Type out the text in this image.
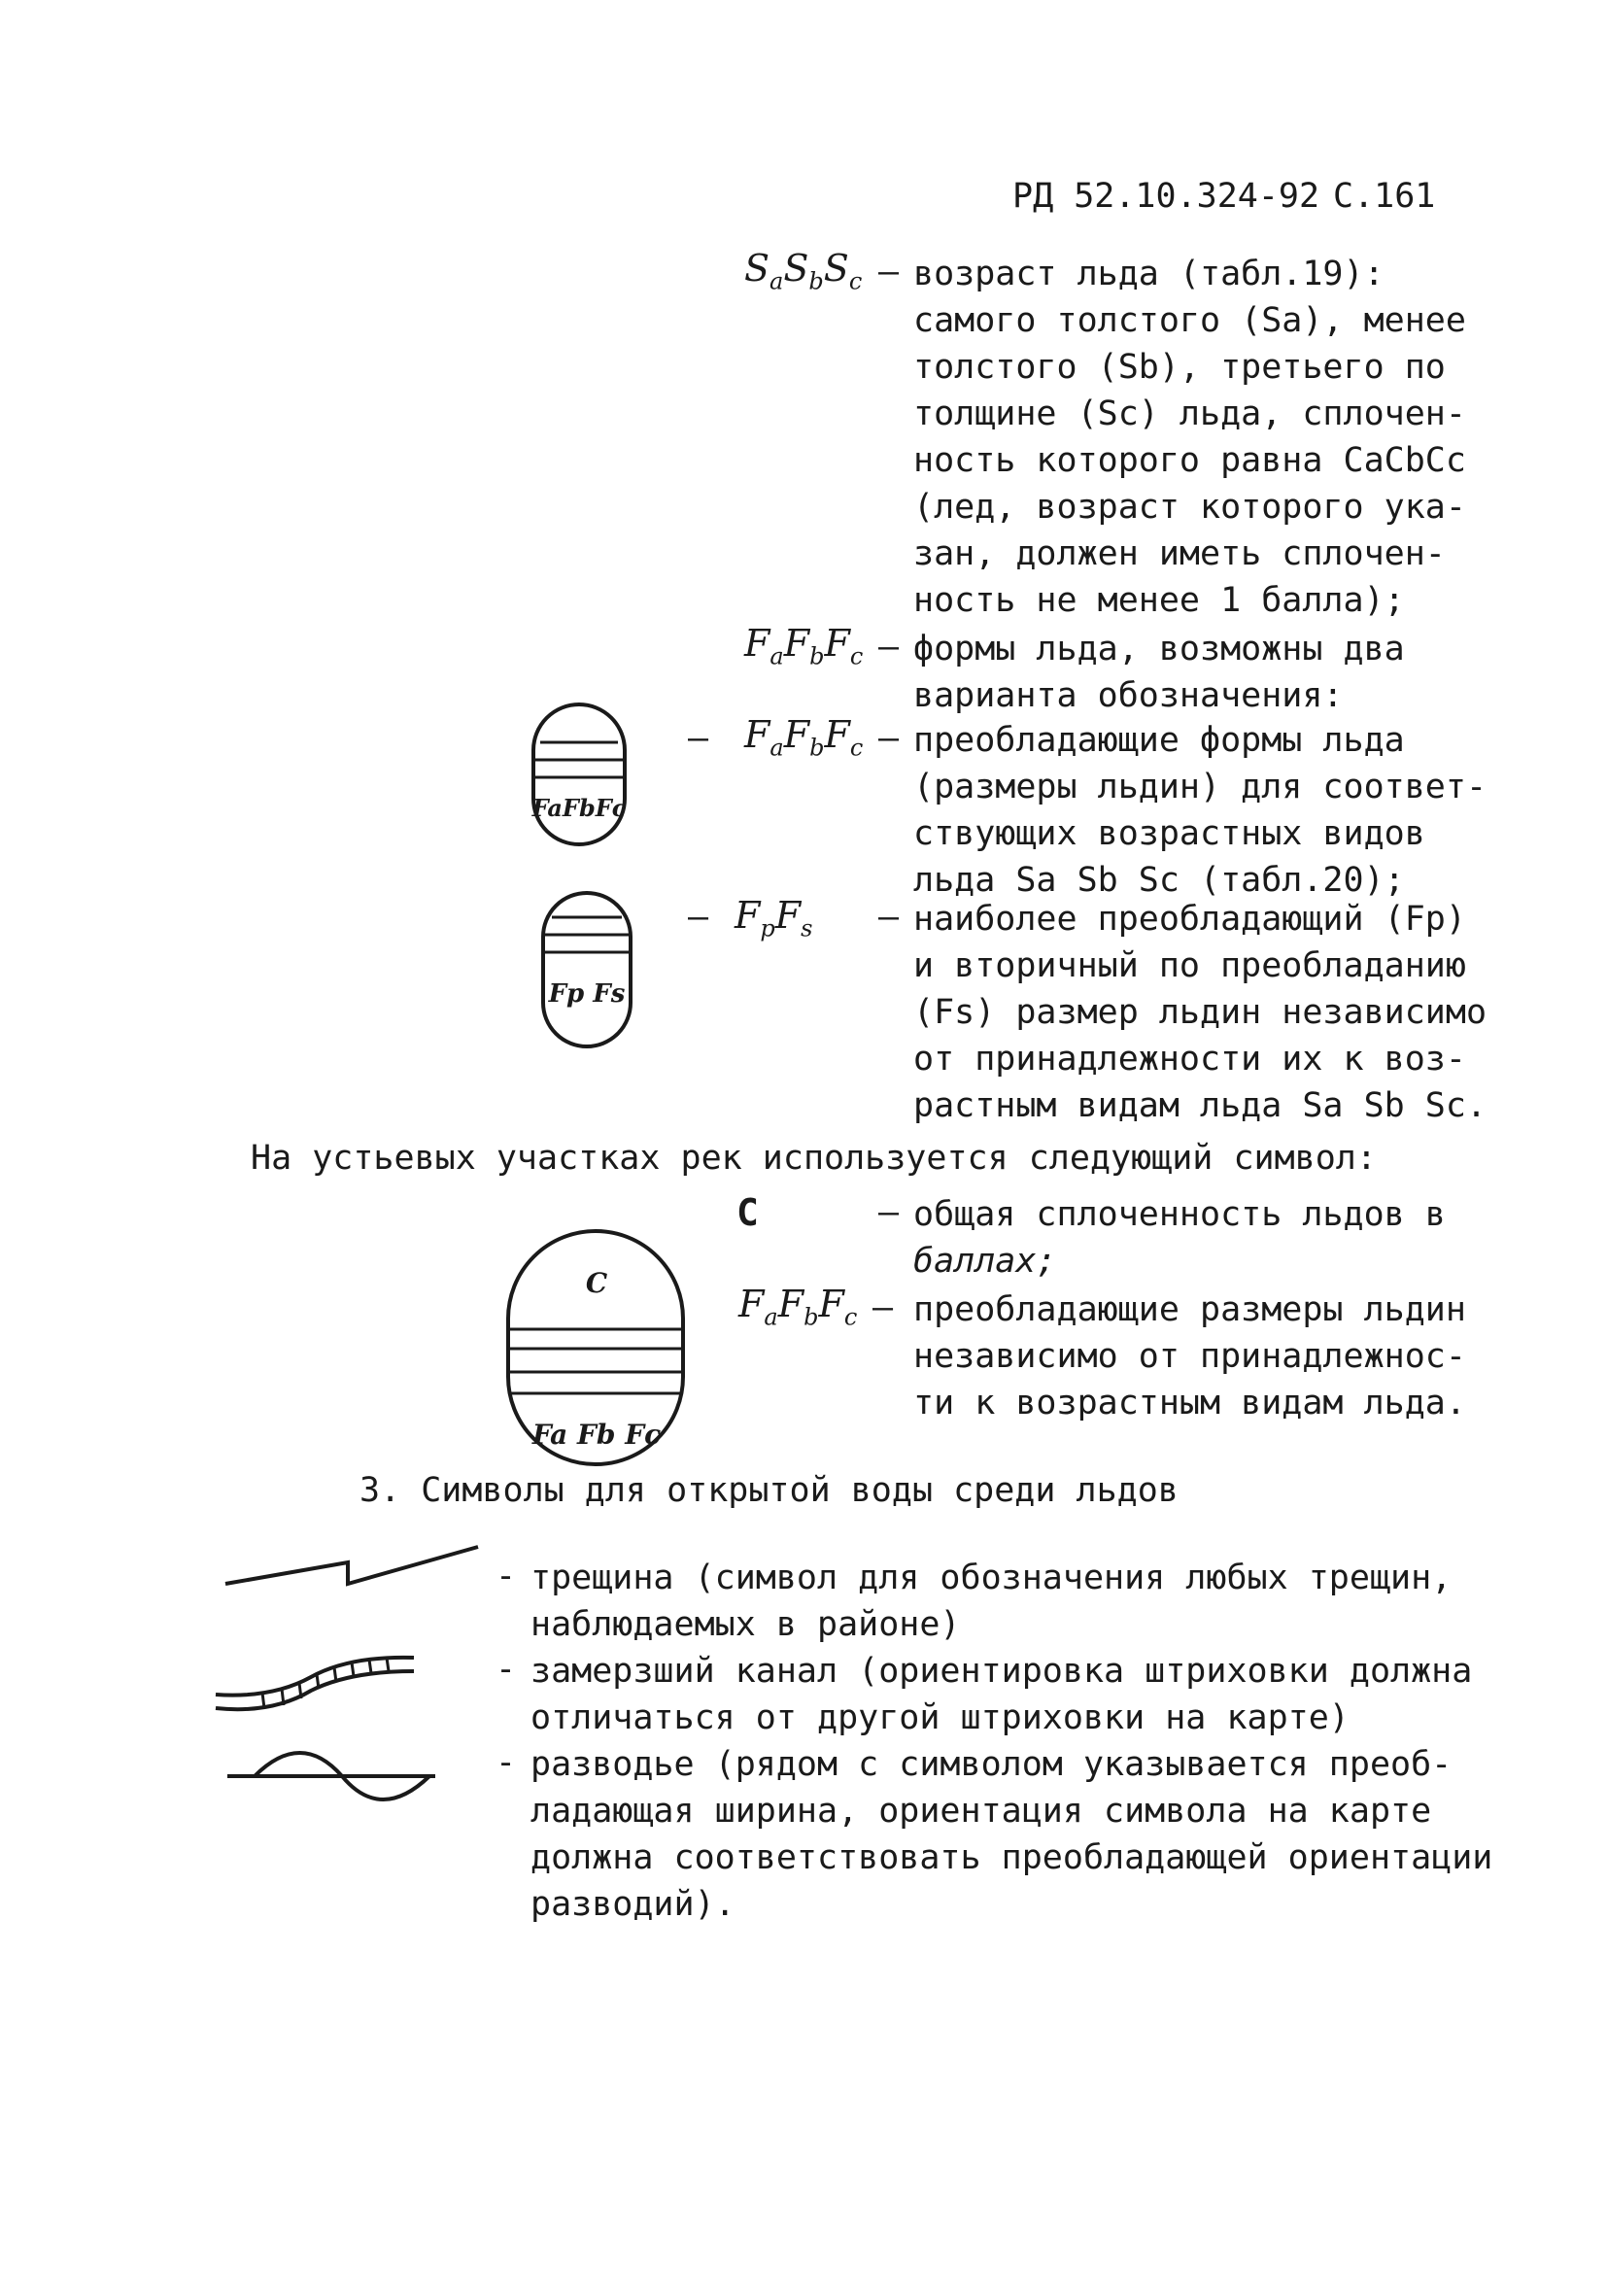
РД 52.10.324-92 С.161
$S_aS_bS_c$ – возраст льда (табл.19):
самого толстого (Sa), менее
толстого (Sb), третьего по
толщине (Sc) льда, сплочен-
ность которого равна CaCbCc
(лед, возраст которого ука-
зан, должен иметь сплочен-
ность не менее 1 балла);
$F_aF_bF_c$ – формы льда, возможны два
варианта обозначения:
FaFbFc
– $F_aF_bF_c$ – преобладающие формы льда
(размеры льдин) для соответ-
ствующих возрастных видов
льда Sa Sb Sc (табл.20);
Fp Fs
– $F_pF_s$ – наиболее преобладающий (Fp)
и вторичный по преобладанию
(Fs) размер льдин независимо
от принадлежности их к воз-
растным видам льда Sa Sb Sc.
На устьевых участках рек используется следующий символ:
C
Fa Fb Fc
C	– общая сплоченность льдов в
баллах;
$F_aF_bF_c$ – преобладающие размеры льдин
независимо от принадлежнос-
ти к возрастным видам льда.
3. Символы для открытой воды среди льдов
- трещина (символ для обозначения любых трещин,
наблюдаемых в районе)
- замерзший канал (ориентировка штриховки должна
отличаться от другой штриховки на карте)
- разводье (рядом с символом указывается преоб-
ладающая ширина, ориентация символа на карте
должна соответствовать преобладающей ориентации
разводий).
